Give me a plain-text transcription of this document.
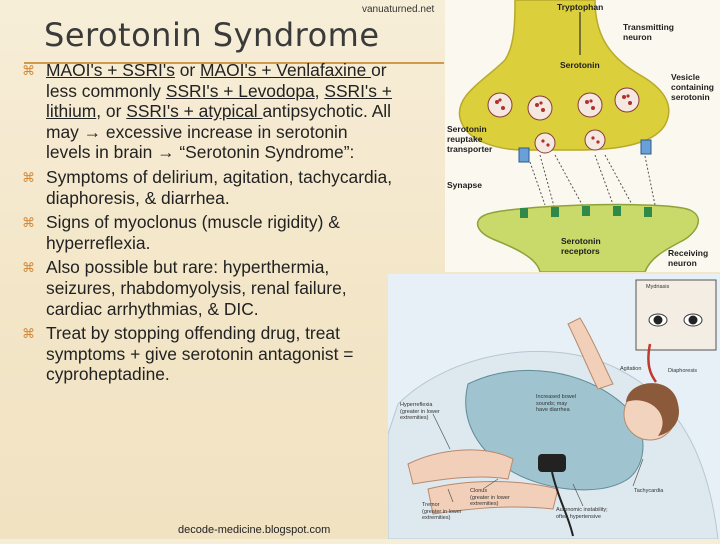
vanuaturned.net
Serotonin Syndrome
⌘ MAOI's + SSRI's or MAOI's + Venlafaxine or less commonly SSRI's + Levodopa, SSRI's + lithium, or SSRI's + atypical antipsychotic. All may → excessive increase in serotonin levels in brain → “Serotonin Syndrome”:
⌘ Symptoms of delirium, agitation, tachycardia, diaphoresis, & diarrhea.
⌘ Signs of myoclonus (muscle rigidity) & hyperreflexia.
⌘ Also possible but rare: hyperthermia, seizures, rhabdomyolysis, renal failure, cardiac arrhythmias, & DIC.
⌘ Treat by stopping offending drug, treat symptoms + give serotonin antagonist = cyproheptadine.
Tryptophan
Transmitting
neuron
Serotonin
Vesicle
containing
serotonin
Serotonin
reuptake
transporter
Synapse
Serotonin
receptors	Receiving
neuron
Mydriasis
Agitation	Diaphoresis
Increased bowel
sounds; may
have diarrhea
Hyperreflexia
(greater in lower
extremities)
Clonus
(greater in lower
extremities)
Tremor
(greater in lower
extremities)
Autonomic instability;
often hypertensive
Tachycardia
decode-medicine.blogspot.com
